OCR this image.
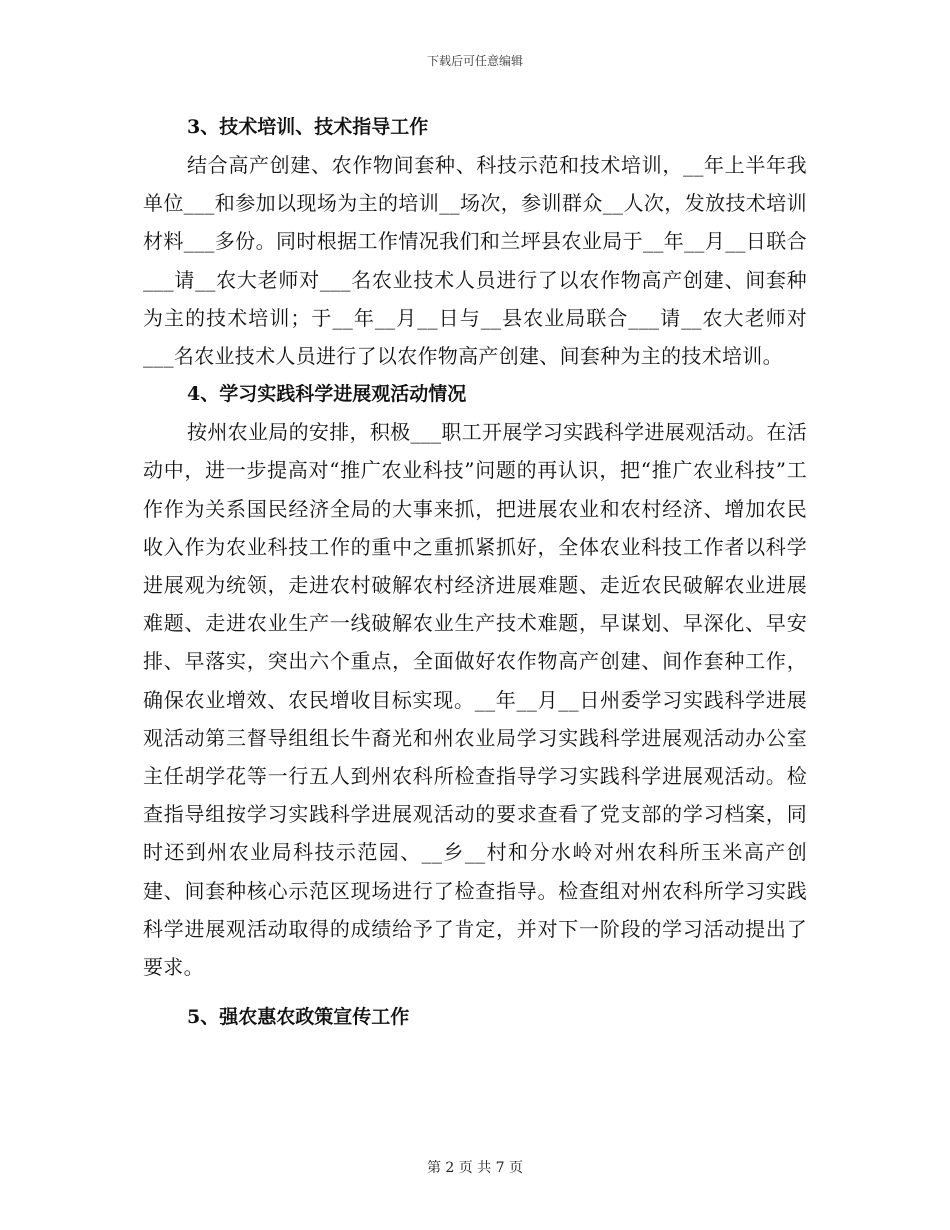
下载后可任意编辑
3、技术培训、技术指导工作

结合高产创建、农作物间套种、科技示范和技术培训，__年上半年我单位___和参加以现场为主的培训__场次，参训群众__人次，发放技术培训材料___多份。同时根据工作情况我们和兰坪县农业局于__年__月__日联合___请__农大老师对___名农业技术人员进行了以农作物高产创建、间套种为主的技术培训；于__年__月__日与__县农业局联合___请__农大老师对___名农业技术人员进行了以农作物高产创建、间套种为主的技术培训。

4、学习实践科学进展观活动情况

按州农业局的安排，积极___职工开展学习实践科学进展观活动。在活动中，进一步提高对“推广农业科技”问题的再认识，把“推广农业科技”工作作为关系国民经济全局的大事来抓，把进展农业和农村经济、增加农民收入作为农业科技工作的重中之重抓紧抓好，全体农业科技工作者以科学进展观为统领，走进农村破解农村经济进展难题、走近农民破解农业进展难题、走进农业生产一线破解农业生产技术难题，早谋划、早深化、早安排、早落实，突出六个重点，全面做好农作物高产创建、间作套种工作，确保农业增效、农民增收目标实现。__年__月__日州委学习实践科学进展观活动第三督导组组长牛裔光和州农业局学习实践科学进展观活动办公室主任胡学花等一行五人到州农科所检查指导学习实践科学进展观活动。检查指导组按学习实践科学进展观活动的要求查看了党支部的学习档案，同时还到州农业局科技示范园、__乡__村和分水岭对州农科所玉米高产创建、间套种核心示范区现场进行了检查指导。检查组对州农科所学习实践科学进展观活动取得的成绩给予了肯定，并对下一阶段的学习活动提出了要求。

5、强农惠农政策宣传工作
第 2 页 共 7 页
